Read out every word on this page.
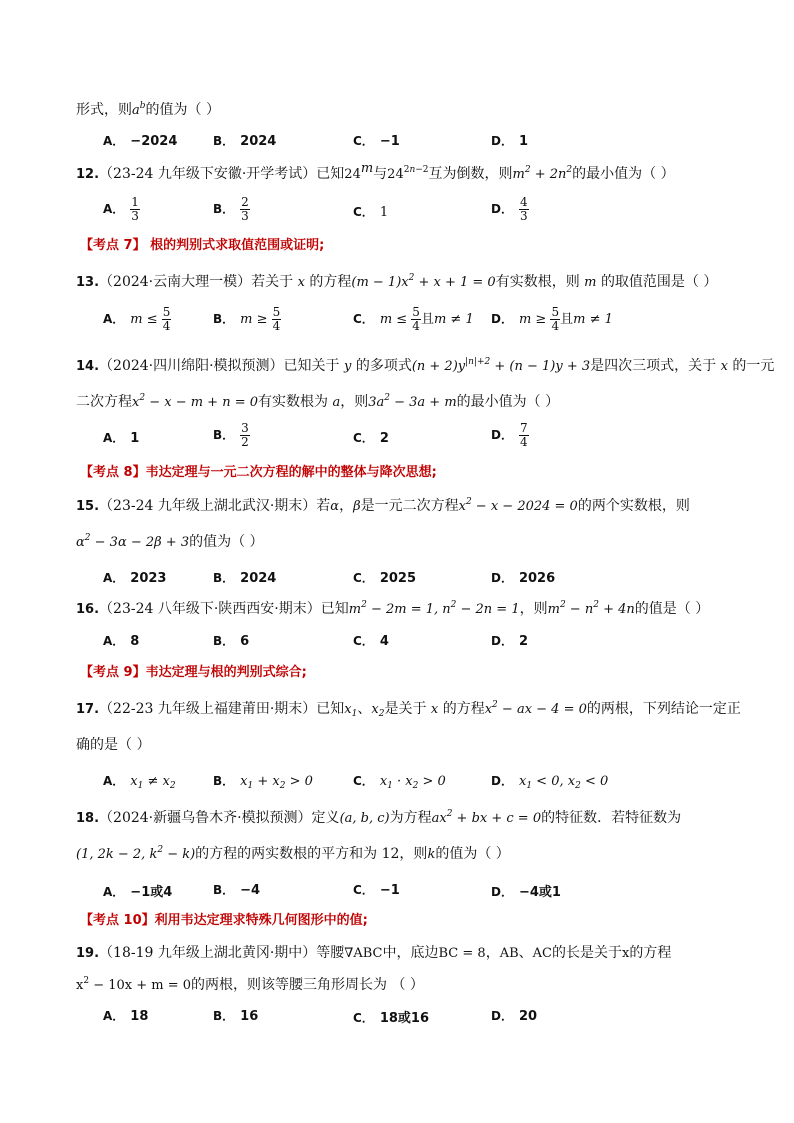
形式，则$a^b$的值为（ ）
A． −2024	B． 2024	C． −1	D． 1
12.（23-24 九年级下安徽·开学考试）已知24$^m$与$24^{2n-2}$互为倒数，则$m^2 + 2n^2$的最小值为（ ）
A． $\frac{1}{3}$	B． $\frac{2}{3}$	C． 1	D． $\frac{4}{3}$
【考点 7】 根的判别式求取值范围或证明;
13.（2024·云南大理一模）若关于 x 的方程$(m - 1)x^2 + x + 1 = 0$有实数根，则 m 的取值范围是（ ）
A． $m \le \frac{5}{4}$	B． $m \ge \frac{5}{4}$	C． $m \le \frac{5}{4}$ 且m ≠ 1 D． $m \ge \frac{5}{4}$ 且m ≠ 1
14.（2024·四川绵阳·模拟预测）已知关于 y 的多项式$(n + 2)y^{|n|+2} + (n - 1)y + 3$是四次三项式，关于 x 的一元
二次方程$x^2 - x - m + n = 0$有实数根为 a，则$3a^2 - 3a + m$的最小值为（ ）
A． 1	B． $\frac{3}{2}$	C． 2	D． $\frac{7}{4}$
【考点 8】韦达定理与一元二次方程的解中的整体与降次思想;
15.（23-24 九年级上湖北武汉·期末）若α，β是一元二次方程$x^2 - x - 2024 = 0$的两个实数根，则
$\alpha^2 - 3\alpha - 2\beta + 3$的值为（ ）
A． 2023	B． 2024	C． 2025	D． 2026
16.（23-24 八年级下·陕西西安·期末）已知$m^2 - 2m = 1$, $n^2 - 2n = 1$，则$m^2 - n^2 + 4n$的值是（ ）
A． 8	B． 6	C． 4	D． 2
【考点 9】韦达定理与根的判别式综合;
17.（22-23 九年级上福建莆田·期末）已知$x_1$、$x_2$是关于 x 的方程$x^2$ − ax − 4 = 0的两根，下列结论一定正
确的是（ ）
A． $x_1 \ne x_2$	B． $x_1 + x_2 > 0$	C． $x_1 \cdot x_2 > 0$	D． $x_1 < 0$, $x_2 < 0$
18.（2024·新疆乌鲁木齐·模拟预测）定义(a, b, c)为方程$ax^2$ + bx + c = 0的特征数．若特征数为
(1, 2k − 2, $k^2 - k$)的方程的两实数根的平方和为 12，则k的值为（ ）
A． −1或4	B． −4	C． −1	D． −4或1
【考点 10】利用韦达定理求特殊几何图形中的值;
19.（18-19 九年级上湖北黄冈·期中）等腰∇ABC中，底边BC = 8，AB、AC的长是关于x的方程
$x^2 - 10x + m = 0$的两根，则该等腰三角形周长为 （ ）
A． 18	B． 16	C． 18或16	D． 20
